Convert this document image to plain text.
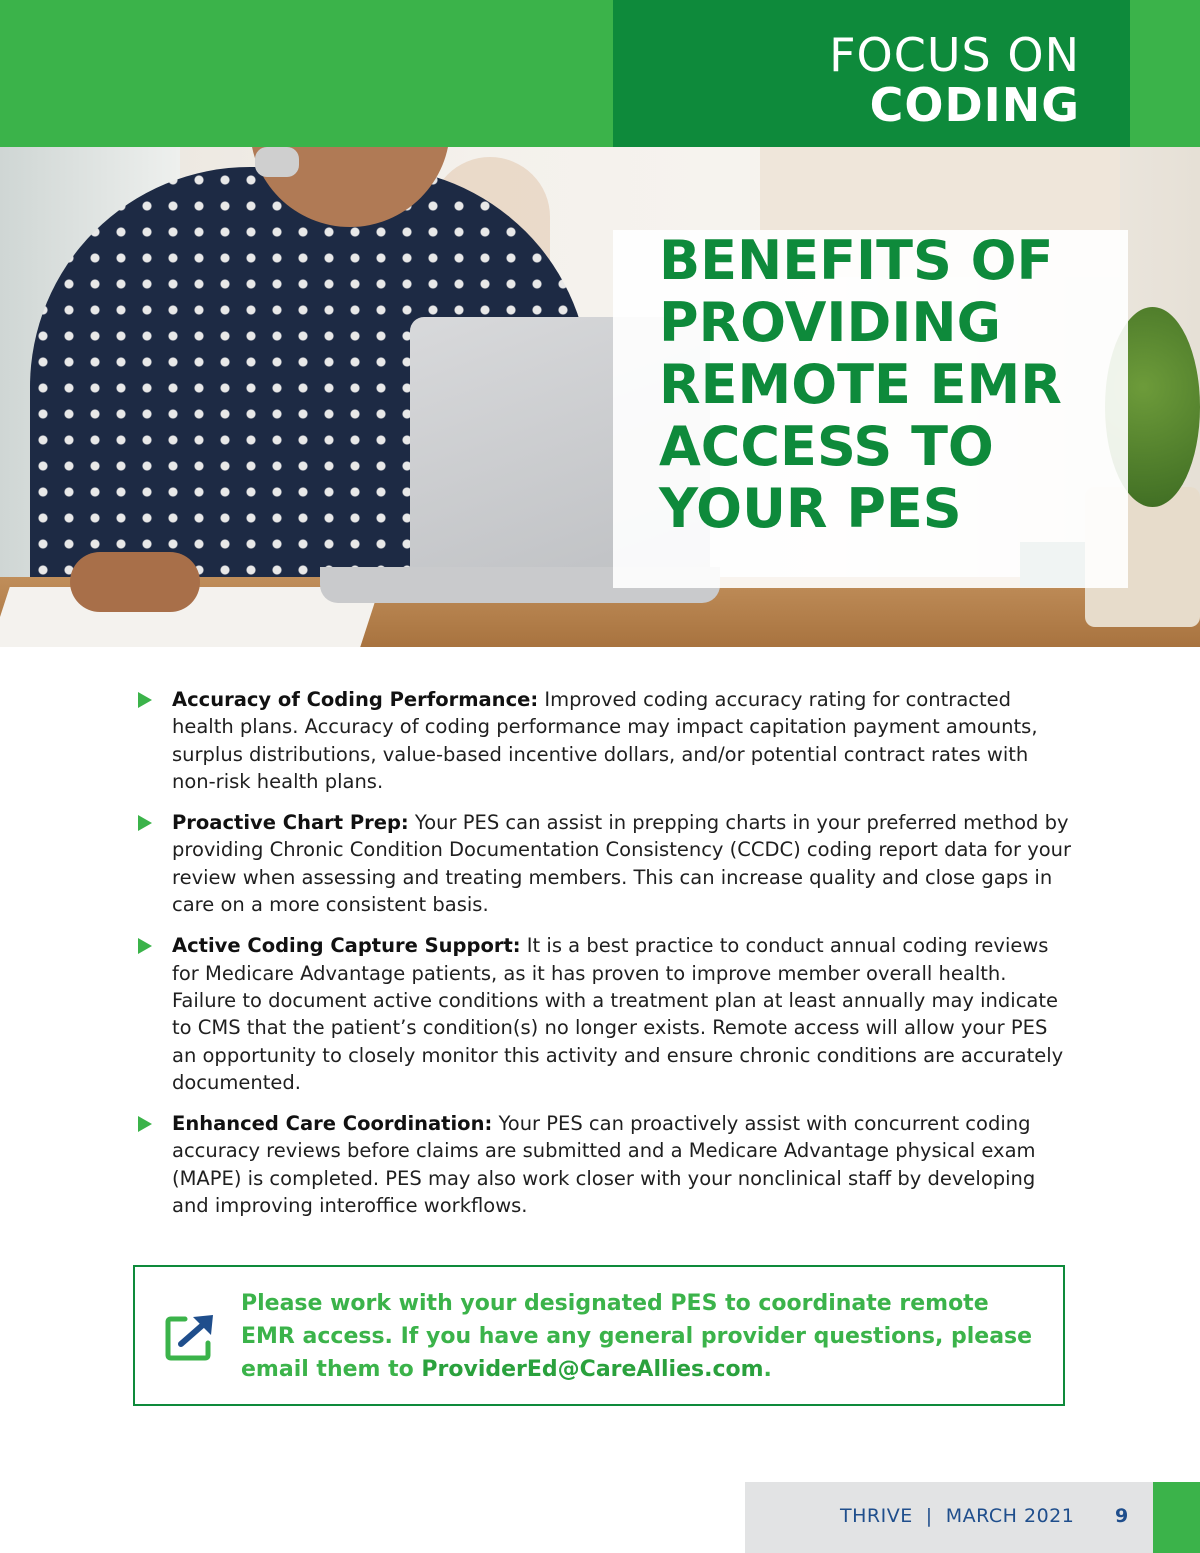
FOCUS ON
CODING
BENEFITS OF
PROVIDING
REMOTE EMR
ACCESS TO
YOUR PES
Accuracy of Coding Performance: Improved coding accuracy rating for contracted health plans. Accuracy of coding performance may impact capitation payment amounts, surplus distributions, value-based incentive dollars, and/or potential contract rates with non-risk health plans.
Proactive Chart Prep: Your PES can assist in prepping charts in your preferred method by providing Chronic Condition Documentation Consistency (CCDC) coding report data for your review when assessing and treating members. This can increase quality and close gaps in care on a more consistent basis.
Active Coding Capture Support: It is a best practice to conduct annual coding reviews for Medicare Advantage patients, as it has proven to improve member overall health. Failure to document active conditions with a treatment plan at least annually may indicate to CMS that the patient’s condition(s) no longer exists. Remote access will allow your PES an opportunity to closely monitor this activity and ensure chronic conditions are accurately documented.
Enhanced Care Coordination: Your PES can proactively assist with concurrent coding accuracy reviews before claims are submitted and a Medicare Advantage physical exam (MAPE) is completed. PES may also work closer with your nonclinical staff by developing and improving interoffice workflows.
Please work with your designated PES to coordinate remote EMR access. If you have any general provider questions, please email them to ProviderEd@CareAllies.com.
THRIVE  |  MARCH 2021 9
